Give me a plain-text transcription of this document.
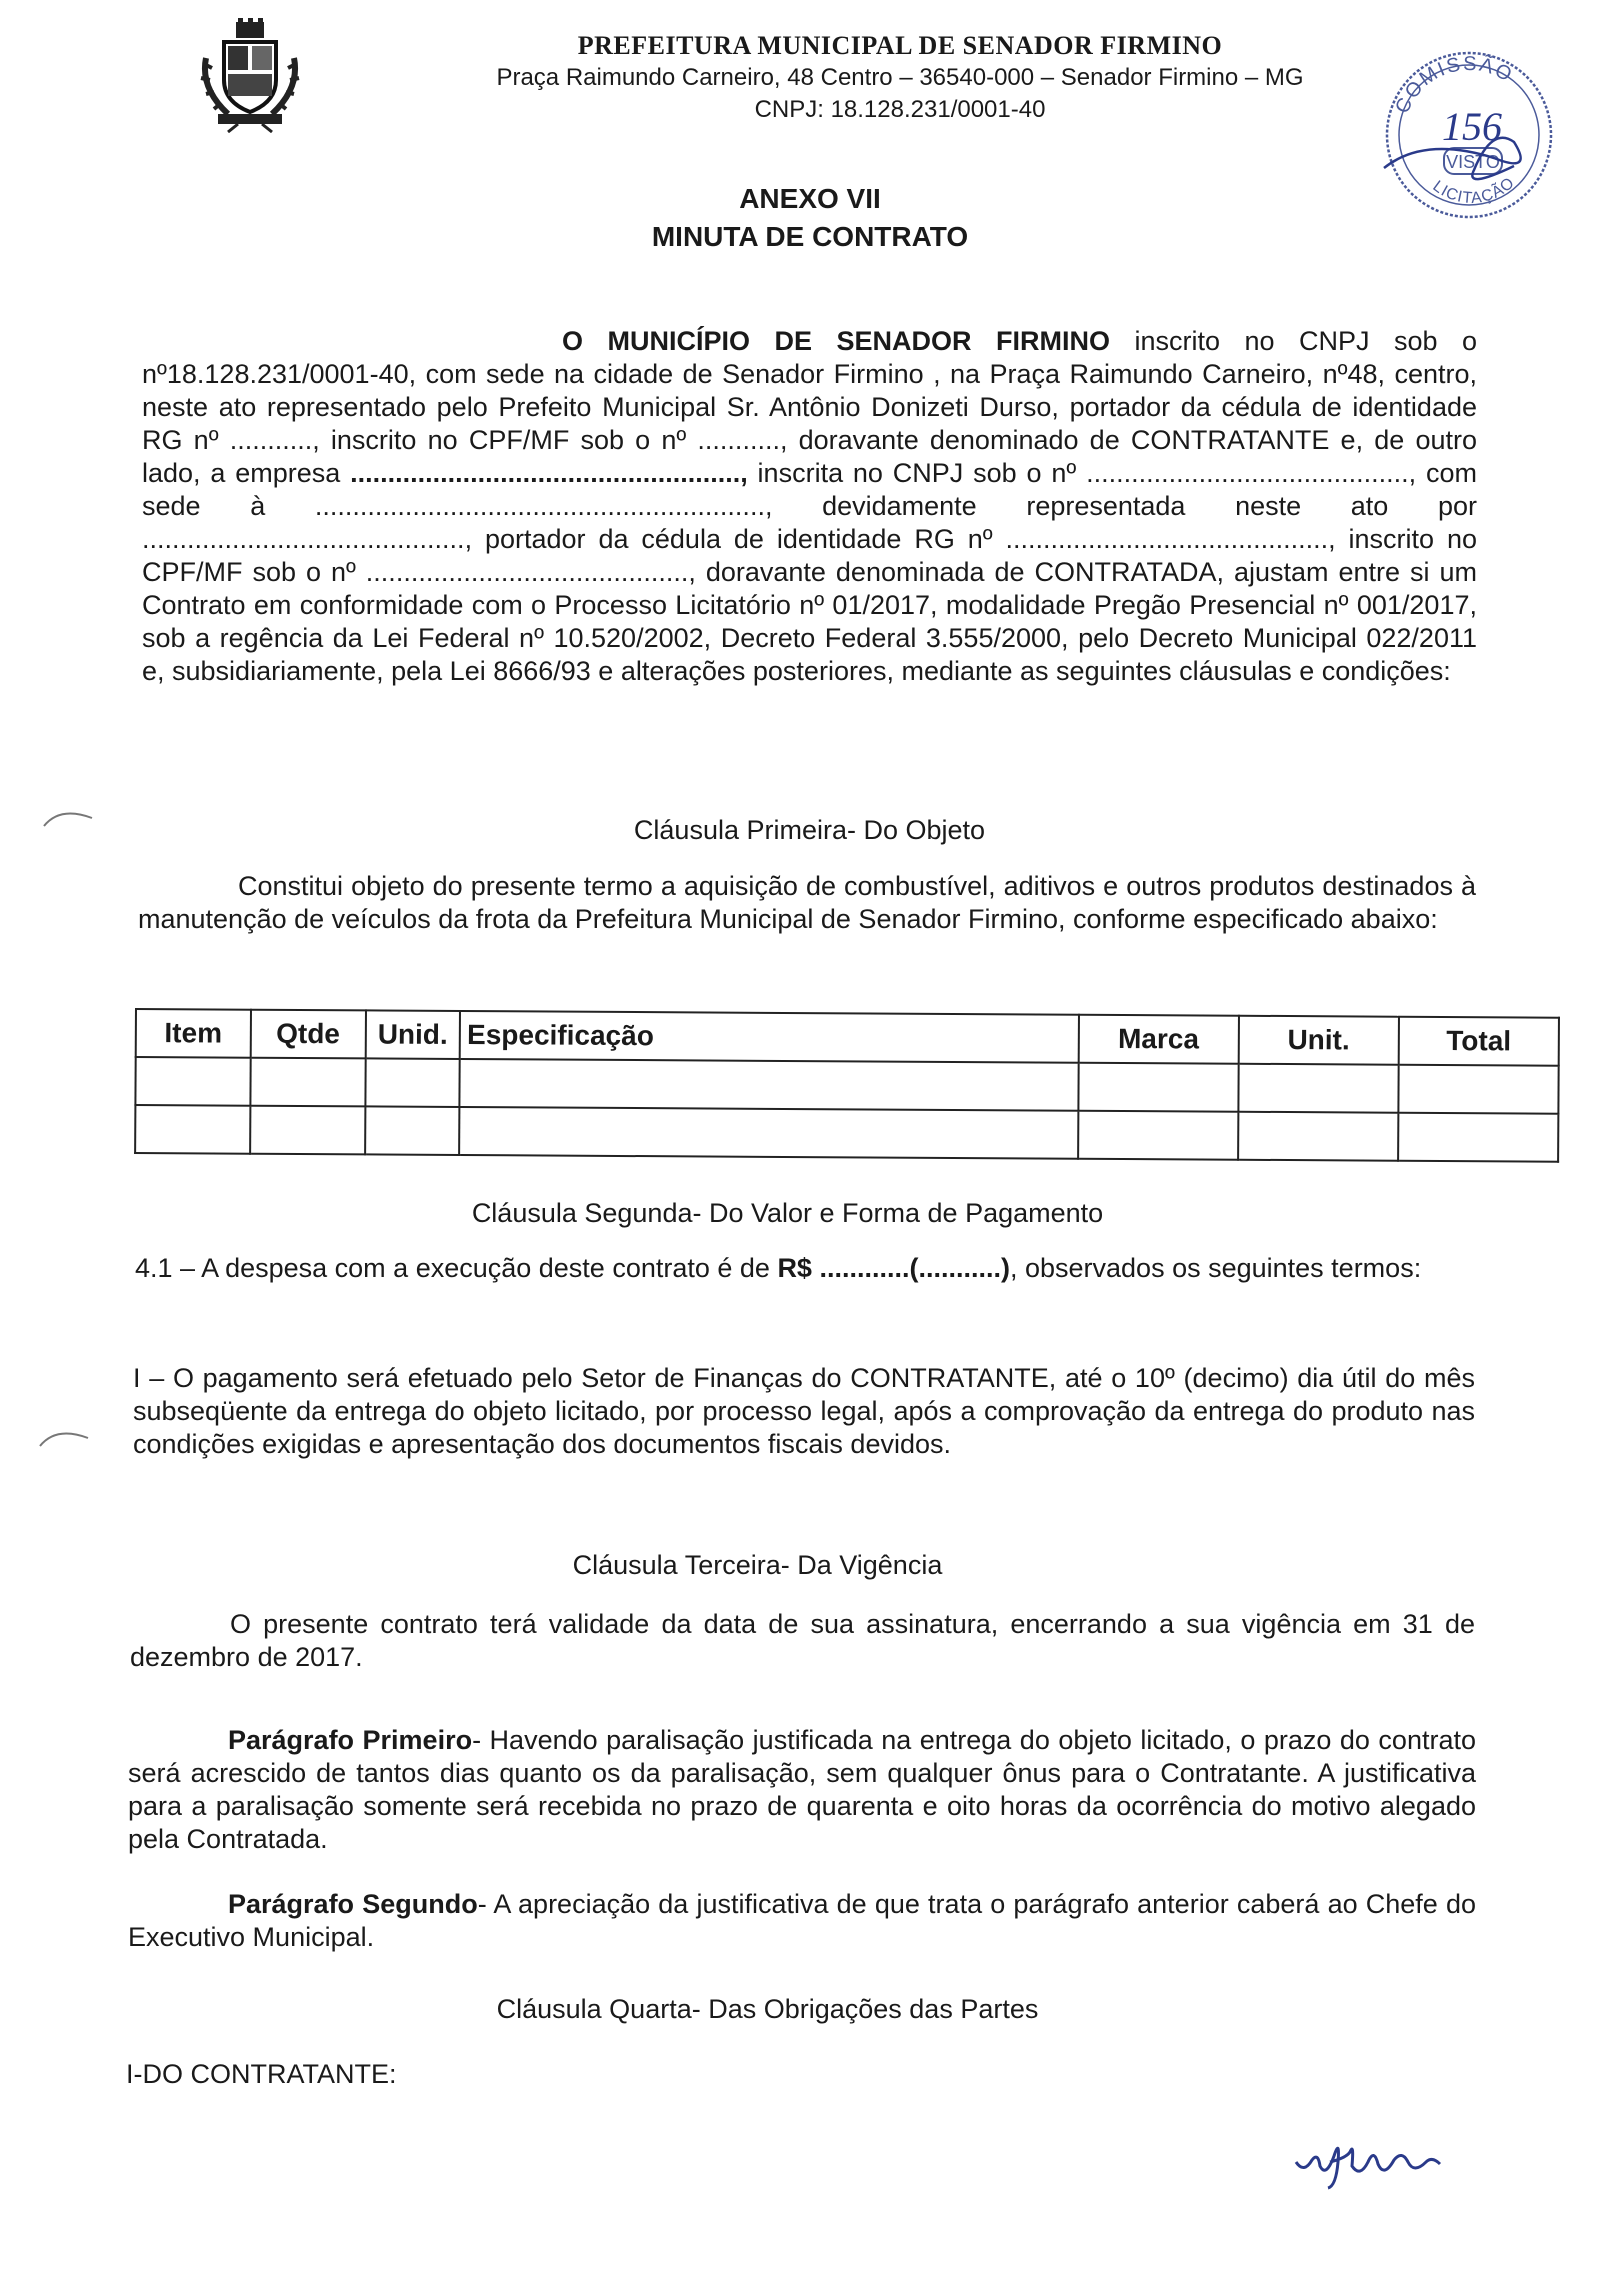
PREFEITURA MUNICIPAL DE SENADOR FIRMINO

Praça Raimundo Carneiro, 48 Centro – 36540-000 – Senador Firmino – MG

CNPJ: 18.128.231/0001-40	COMISSÃO
156
VISTO
LICITAÇÃO

ANEXO VII

MINUTA DE CONTRATO

O MUNICÍPIO DE SENADOR FIRMINO inscrito no CNPJ sob o nº18.128.231/0001-40, com sede na cidade de Senador Firmino , na Praça Raimundo Carneiro, nº48, centro, neste ato representado pelo Prefeito Municipal Sr. Antônio Donizeti Durso, portador da cédula de identidade RG nº ..........., inscrito no CPF/MF sob o nº ..........., doravante denominado de CONTRATANTE e, de outro lado, a empresa ...................................................., inscrita no CNPJ sob o nº ..........................................., com sede à ............................................................, devidamente representada neste ato por ..........................................., portador da cédula de identidade RG nº ..........................................., inscrito no CPF/MF sob o nº ..........................................., doravante denominada de CONTRATADA, ajustam entre si um Contrato em conformidade com o Processo Licitatório nº 01/2017, modalidade Pregão Presencial nº 001/2017, sob a regência da Lei Federal nº 10.520/2002, Decreto Federal 3.555/2000, pelo Decreto Municipal 022/2011 e, subsidiariamente, pela Lei 8666/93 e alterações posteriores, mediante as seguintes cláusulas e condições:

Cláusula Primeira- Do Objeto

Constitui objeto do presente termo a aquisição de combustível, aditivos e outros produtos destinados à manutenção de veículos da frota da Prefeitura Municipal de Senador Firmino, conforme especificado abaixo:

Item	Qtde	Unid.	Especificação	Marca	Unit.	Total

Cláusula Segunda- Do Valor e Forma de Pagamento

4.1 – A despesa com a execução deste contrato é de R$ ............(...........), observados os seguintes termos:

I – O pagamento será efetuado pelo Setor de Finanças do CONTRATANTE, até o 10º (decimo) dia útil do mês subseqüente da entrega do objeto licitado, por processo legal, após a comprovação da entrega do produto nas condições exigidas e apresentação dos documentos fiscais devidos.

Cláusula Terceira- Da Vigência

O presente contrato terá validade da data de sua assinatura, encerrando a sua vigência em 31 de dezembro de 2017.

Parágrafo Primeiro- Havendo paralisação justificada na entrega do objeto licitado, o prazo do contrato será acrescido de tantos dias quanto os da paralisação, sem qualquer ônus para o Contratante. A justificativa para a paralisação somente será recebida no prazo de quarenta e oito horas da ocorrência do motivo alegado pela Contratada.

Parágrafo Segundo- A apreciação da justificativa de que trata o parágrafo anterior caberá ao Chefe do Executivo Municipal.

Cláusula Quarta- Das Obrigações das Partes

I-DO CONTRATANTE:
